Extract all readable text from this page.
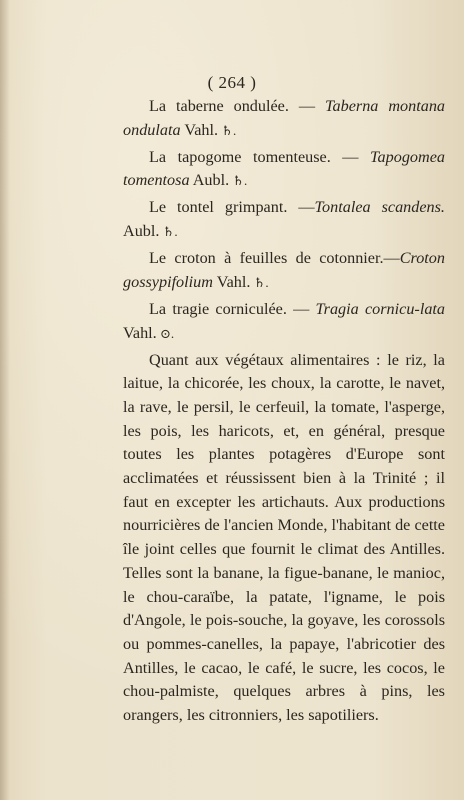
( 264 )

La taberne ondulée. — Taberna montana ondulata Vahl. ♄.

La tapogome tomenteuse. — Tapogomea tomentosa Aubl. ♄.

Le tontel grimpant. —Tontalea scandens. Aubl. ♄.

Le croton à feuilles de cotonnier.—Croton gossypifolium Vahl. ♄.

La tragie corniculée. — Tragia cornicu-lata Vahl. ⊙.

Quant aux végétaux alimentaires : le riz, la laitue, la chicorée, les choux, la carotte, le navet, la rave, le persil, le cerfeuil, la tomate, l'asperge, les pois, les haricots, et, en général, presque toutes les plantes potagères d'Europe sont acclimatées et réussissent bien à la Trinité ; il faut en excepter les artichauts. Aux productions nourricières de l'ancien Monde, l'habitant de cette île joint celles que fournit le climat des Antilles. Telles sont la banane, la figue-banane, le manioc, le chou-caraïbe, la patate, l'igname, le pois d'Angole, le pois-souche, la goyave, les corossols ou pommes-canelles, la papaye, l'abricotier des Antilles, le cacao, le café, le sucre, les cocos, le chou-palmiste, quelques arbres à pins, les orangers, les citronniers, les sapotiliers.
